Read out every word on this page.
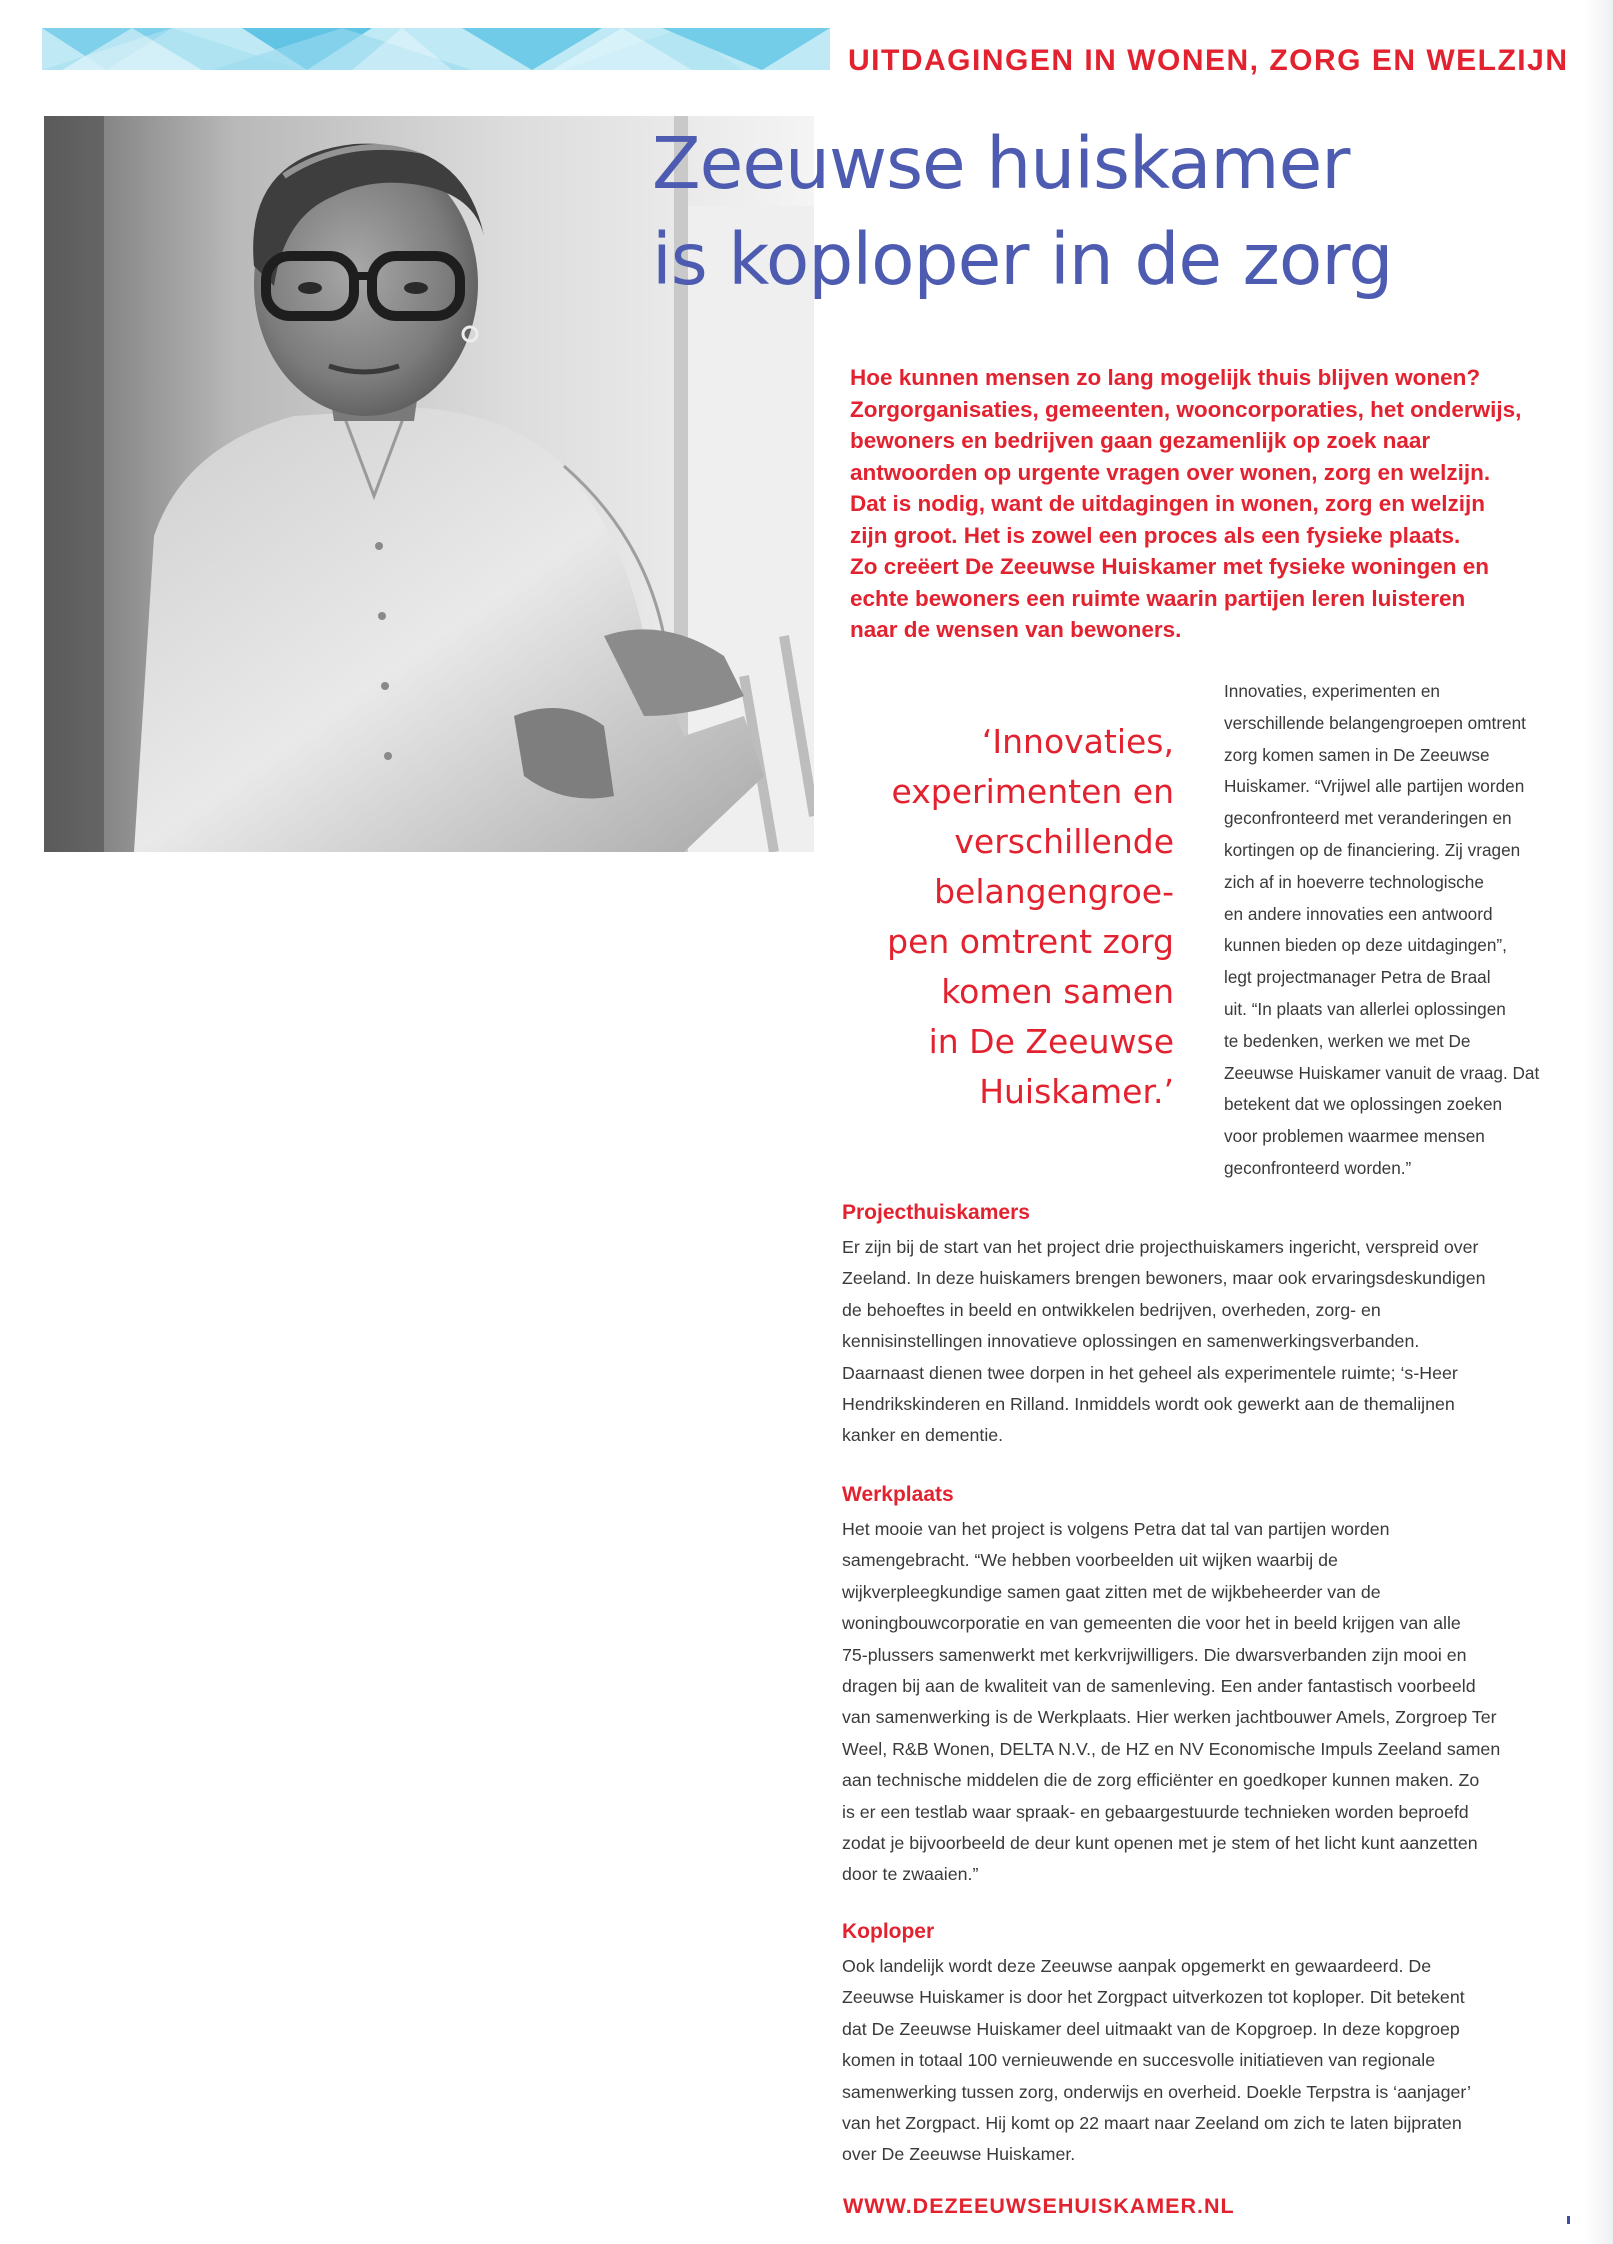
UITDAGINGEN IN WONEN, ZORG EN WELZIJN
Zeeuwse huiskamer
is koploper in de zorg
Hoe kunnen mensen zo lang mogelijk thuis blijven wonen?
Zorgorganisaties, gemeenten, wooncorporaties, het onderwijs,
bewoners en bedrijven gaan gezamenlijk op zoek naar
antwoorden op urgente vragen over wonen, zorg en welzijn.
Dat is nodig, want de uitdagingen in wonen, zorg en welzijn
zijn groot. Het is zowel een proces als een fysieke plaats.
Zo creëert De Zeeuwse Huiskamer met fysieke woningen en
echte bewoners een ruimte waarin partijen leren luisteren
naar de wensen van bewoners.
‘Innovaties,
experimenten en
verschillende
belangengroe-
pen omtrent zorg
komen samen
in De Zeeuwse
Huiskamer.’
Innovaties, experimenten en
verschillende belangengroepen omtrent
zorg komen samen in De Zeeuwse
Huiskamer. “Vrijwel alle partijen worden
geconfronteerd met veranderingen en
kortingen op de financiering. Zij vragen
zich af in hoeverre technologische
en andere innovaties een antwoord
kunnen bieden op deze uitdagingen”,
legt projectmanager Petra de Braal
uit. “In plaats van allerlei oplossingen
te bedenken, werken we met De
Zeeuwse Huiskamer vanuit de vraag. Dat
betekent dat we oplossingen zoeken
voor problemen waarmee mensen
geconfronteerd worden.”
Projecthuiskamers

Er zijn bij de start van het project drie projecthuiskamers ingericht, verspreid over
Zeeland. In deze huiskamers brengen bewoners, maar ook ervaringsdeskundigen
de behoeftes in beeld en ontwikkelen bedrijven, overheden, zorg- en
kennisinstellingen innovatieve oplossingen en samenwerkingsverbanden.
Daarnaast dienen twee dorpen in het geheel als experimentele ruimte; ‘s-Heer
Hendrikskinderen en Rilland. Inmiddels wordt ook gewerkt aan de themalijnen
kanker en dementie.

Werkplaats

Het mooie van het project is volgens Petra dat tal van partijen worden
samengebracht. “We hebben voorbeelden uit wijken waarbij de
wijkverpleegkundige samen gaat zitten met de wijkbeheerder van de
woningbouwcorporatie en van gemeenten die voor het in beeld krijgen van alle
75-plussers samenwerkt met kerkvrijwilligers. Die dwarsverbanden zijn mooi en
dragen bij aan de kwaliteit van de samenleving. Een ander fantastisch voorbeeld
van samenwerking is de Werkplaats. Hier werken jachtbouwer Amels, Zorgroep Ter
Weel, R&B Wonen, DELTA N.V., de HZ en NV Economische Impuls Zeeland samen
aan technische middelen die de zorg efficiënter en goedkoper kunnen maken. Zo
is er een testlab waar spraak- en gebaargestuurde technieken worden beproefd
zodat je bijvoorbeeld de deur kunt openen met je stem of het licht kunt aanzetten
door te zwaaien.”

Koploper

Ook landelijk wordt deze Zeeuwse aanpak opgemerkt en gewaardeerd. De
Zeeuwse Huiskamer is door het Zorgpact uitverkozen tot koploper. Dit betekent
dat De Zeeuwse Huiskamer deel uitmaakt van de Kopgroep. In deze kopgroep
komen in totaal 100 vernieuwende en succesvolle initiatieven van regionale
samenwerking tussen zorg, onderwijs en overheid. Doekle Terpstra is ‘aanjager’
van het Zorgpact. Hij komt op 22 maart naar Zeeland om zich te laten bijpraten
over De Zeeuwse Huiskamer.

WWW.DEZEEUWSEHUISKAMER.NL
